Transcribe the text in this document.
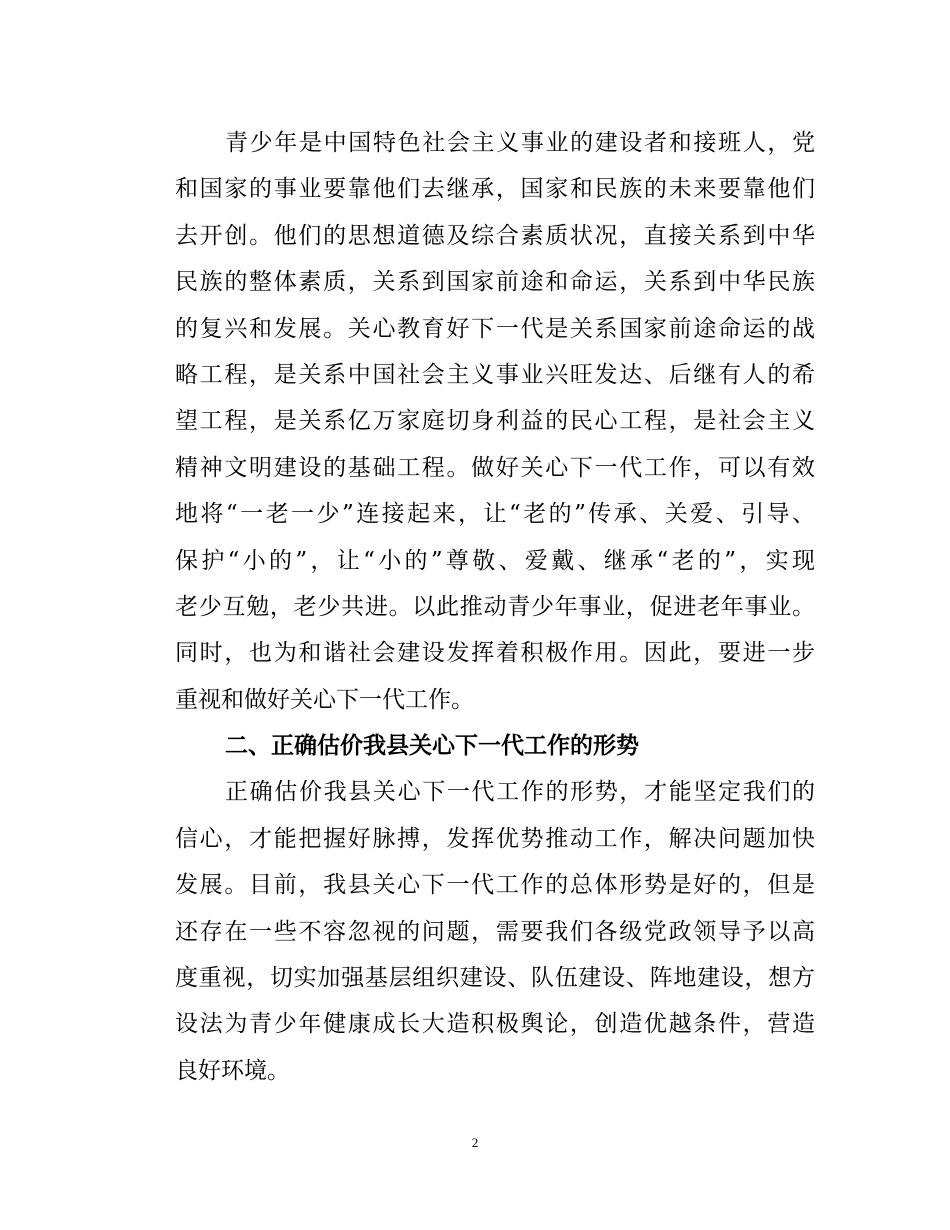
青少年是中国特色社会主义事业的建设者和接班人，党
和国家的事业要靠他们去继承，国家和民族的未来要靠他们
去开创。他们的思想道德及综合素质状况，直接关系到中华
民族的整体素质，关系到国家前途和命运，关系到中华民族
的复兴和发展。关心教育好下一代是关系国家前途命运的战
略工程，是关系中国社会主义事业兴旺发达、后继有人的希
望工程，是关系亿万家庭切身利益的民心工程，是社会主义
精神文明建设的基础工程。做好关心下一代工作，可以有效
地将“一老一少”连接起来，让“老的”传承、关爱、引导、
保护“小的”，让“小的”尊敬、爱戴、继承“老的”，实现
老少互勉，老少共进。以此推动青少年事业，促进老年事业。
同时，也为和谐社会建设发挥着积极作用。因此，要进一步
重视和做好关心下一代工作。
二、正确估价我县关心下一代工作的形势
正确估价我县关心下一代工作的形势，才能坚定我们的
信心，才能把握好脉搏，发挥优势推动工作，解决问题加快
发展。目前，我县关心下一代工作的总体形势是好的，但是
还存在一些不容忽视的问题，需要我们各级党政领导予以高
度重视，切实加强基层组织建设、队伍建设、阵地建设，想方
设法为青少年健康成长大造积极舆论，创造优越条件，营造
良好环境。
2
